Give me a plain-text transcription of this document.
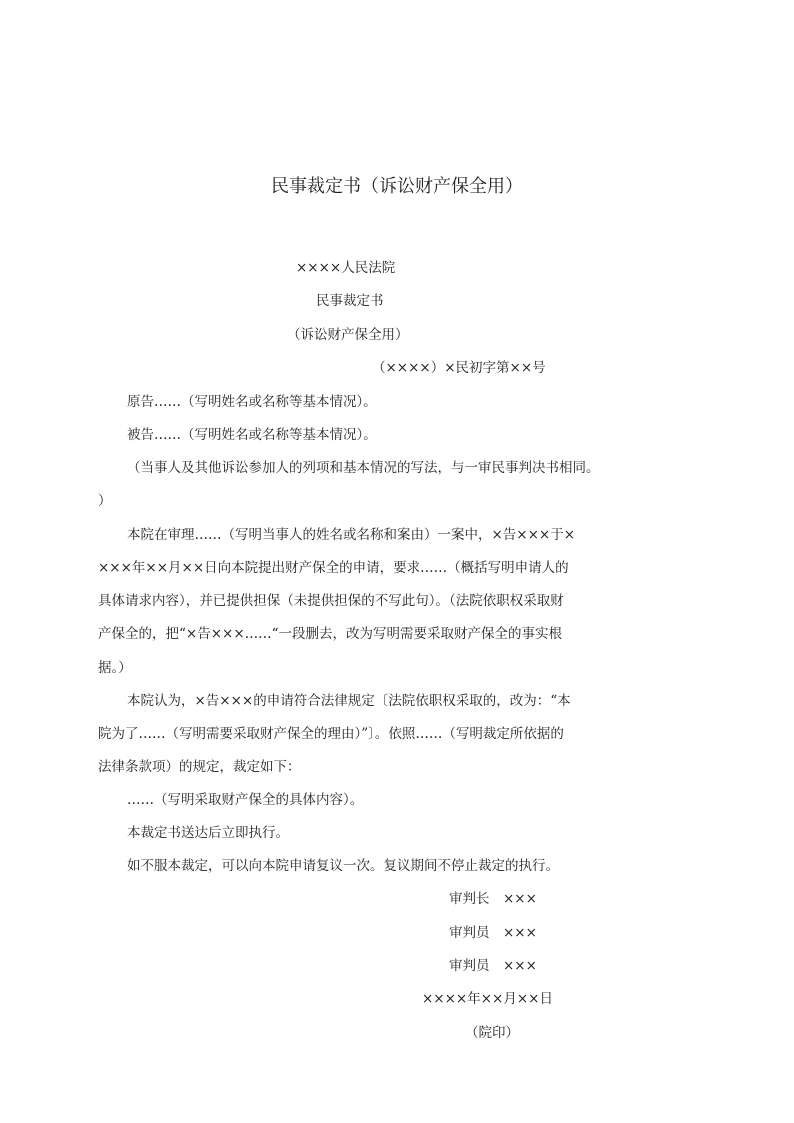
民事裁定书（诉讼财产保全用）
××××人民法院
民事裁定书
（诉讼财产保全用）
（××××）×民初字第××号
原告……（写明姓名或名称等基本情况）。
被告……（写明姓名或名称等基本情况）。
（当事人及其他诉讼参加人的列项和基本情况的写法，与一审民事判决书相同。
）
本院在审理……（写明当事人的姓名或名称和案由）一案中，×告×××于×
×××年××月××日向本院提出财产保全的申请，要求……（概括写明申请人的
具体请求内容），并已提供担保（未提供担保的不写此句）。（法院依职权采取财
产保全的，把“×告×××……“一段删去，改为写明需要采取财产保全的事实根
据。）
本院认为，×告×××的申请符合法律规定〔法院依职权采取的，改为：“本
院为了……（写明需要采取财产保全的理由）”〕。依照……（写明裁定所依据的
法律条款项）的规定，裁定如下：
……（写明采取财产保全的具体内容）。
本裁定书送达后立即执行。
如不服本裁定，可以向本院申请复议一次。复议期间不停止裁定的执行。
审判长　×××
审判员　×××
审判员　×××
××××年××月××日
（院印）
